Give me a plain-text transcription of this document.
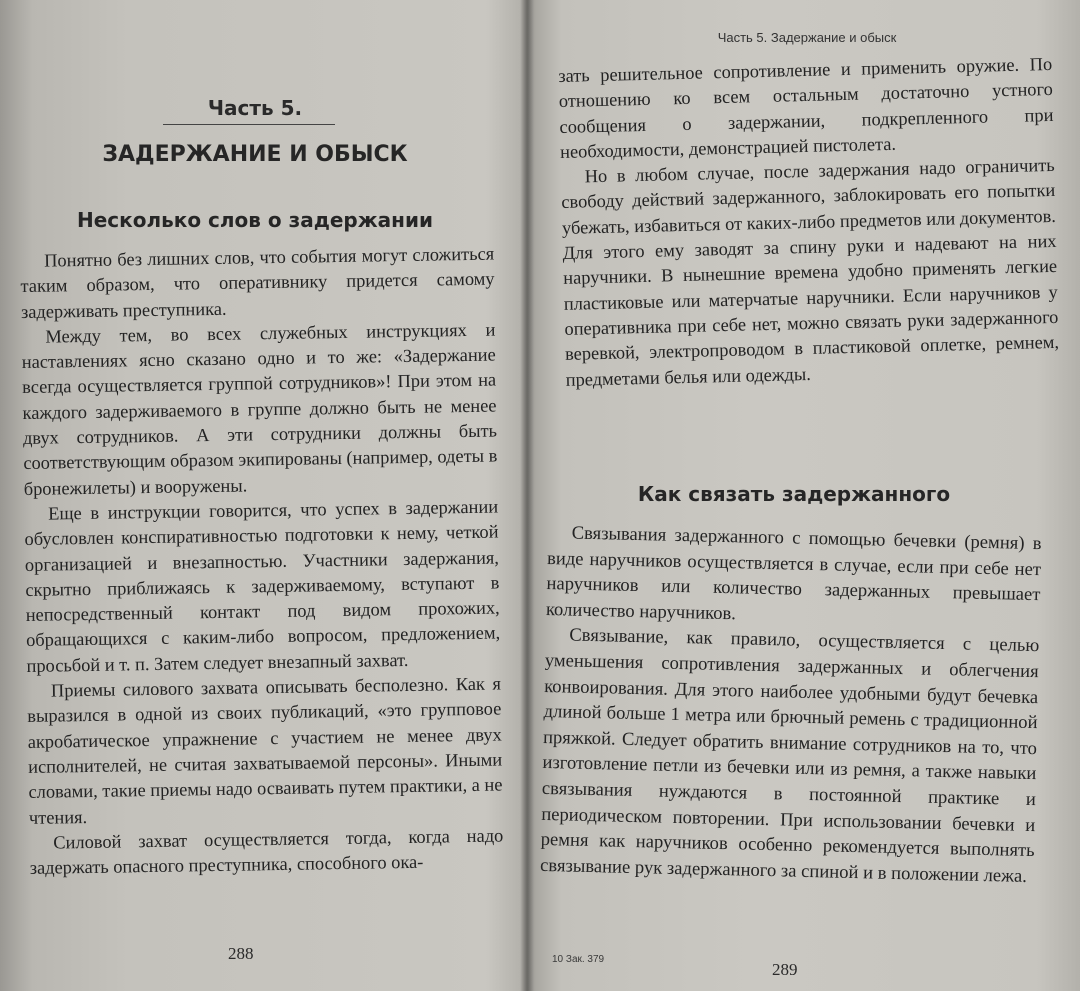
Часть 5.
ЗАДЕРЖАНИЕ И ОБЫСК
Несколько слов о задержании

Понятно без лишних слов, что события могут сложиться таким образом, что оперативнику придется самому задерживать преступника.

Между тем, во всех служебных инструкциях и наставлениях ясно сказано одно и то же: «Задержание всегда осуществляется группой сотрудников»! При этом на каждого задерживаемого в группе должно быть не менее двух сотрудников. А эти сотрудники должны быть соответствующим образом экипированы (например, одеты в бронежилеты) и вооружены.

Еще в инструкции говорится, что успех в задержании обусловлен конспиративностью подготовки к нему, четкой организацией и внезапностью. Участники задержания, скрытно приближаясь к задерживаемому, вступают в непосредственный контакт под видом прохожих, обращающихся с каким-либо вопросом, предложением, просьбой и т. п. Затем следует внезапный захват.

Приемы силового захвата описывать бесполезно. Как я выразился в одной из своих публикаций, «это групповое акробатическое упражнение с участием не менее двух исполнителей, не считая захватываемой персоны». Иными словами, такие приемы надо осваивать путем практики, а не чтения.

Силовой захват осуществляется тогда, когда надо задержать опасного преступника, способного ока-

288
Часть 5. Задержание и обыск

зать решительное сопротивление и применить оружие. По отношению ко всем остальным достаточно устного сообщения о задержании, подкрепленного при необходимости, демонстрацией пистолета.

Но в любом случае, после задержания надо ограничить свободу действий задержанного, заблокировать его попытки убежать, избавиться от каких-либо предметов или документов. Для этого ему заводят за спину руки и надевают на них наручники. В нынешние времена удобно применять легкие пластиковые или матерчатые наручники. Если наручников у оперативника при себе нет, можно связать руки задержанного веревкой, электропроводом в пластиковой оплетке, ремнем, предметами белья или одежды.

Как связать задержанного

Связывания задержанного с помощью бечевки (ремня) в виде наручников осуществляется в случае, если при себе нет наручников или количество задержанных превышает количество наручников.

Связывание, как правило, осуществляется с целью уменьшения сопротивления задержанных и облегчения конвоирования. Для этого наиболее удобными будут бечевка длиной больше 1 метра или брючный ремень с традиционной пряжкой. Следует обратить внимание сотрудников на то, что изготовление петли из бечевки или из ремня, а также навыки связывания нуждаются в постоянной практике и периодическом повторении. При использовании бечевки и ремня как наручников особенно рекомендуется выполнять связывание рук задержанного за спиной и в положении лежа.

10 Зак. 379
289
